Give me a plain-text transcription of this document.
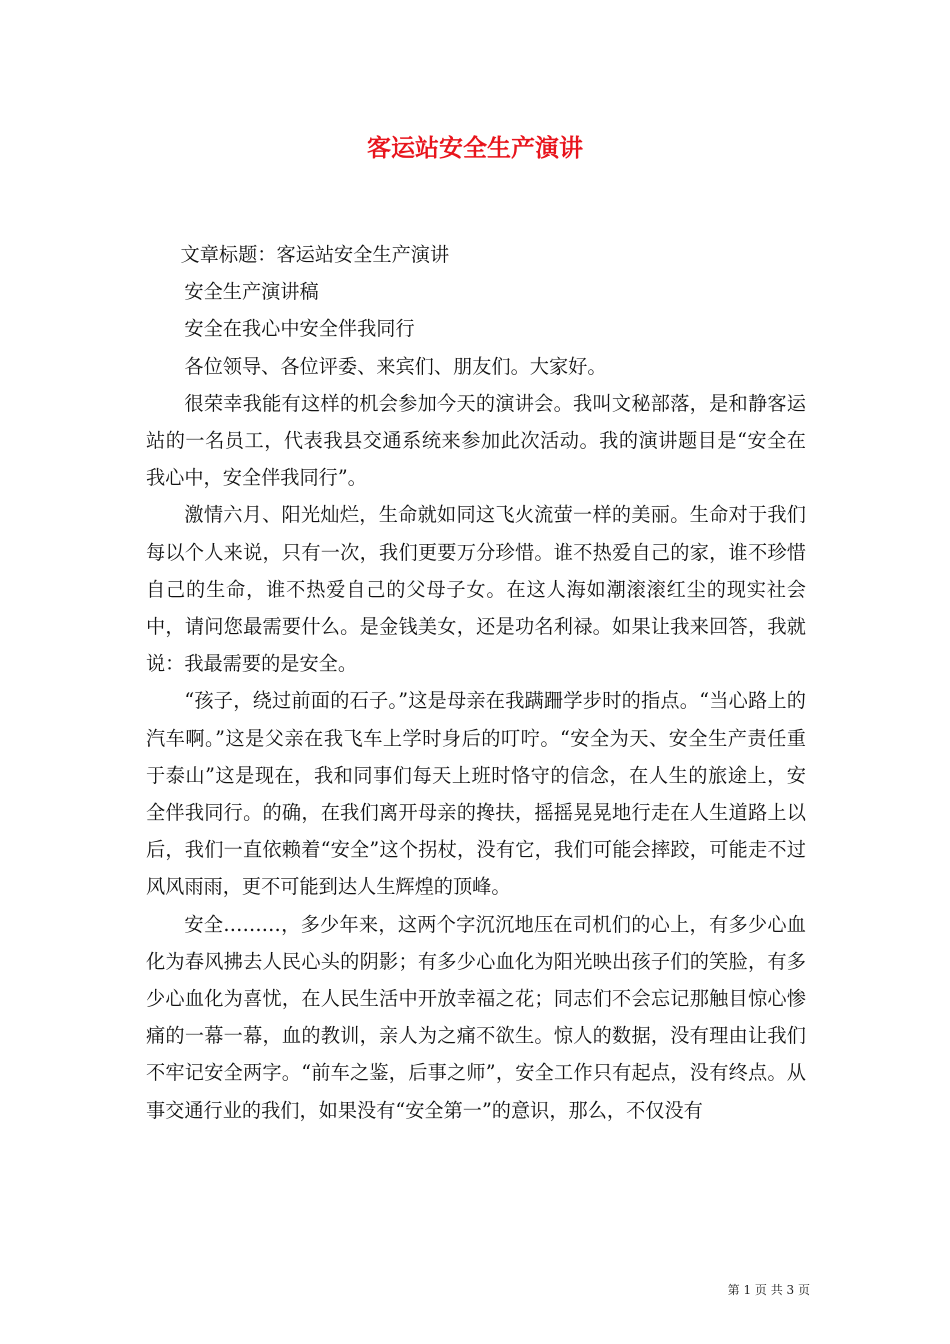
客运站安全生产演讲

文章标题：客运站安全生产演讲

安全生产演讲稿

安全在我心中安全伴我同行

各位领导、各位评委、来宾们、朋友们。大家好。

很荣幸我能有这样的机会参加今天的演讲会。我叫文秘部落，是和静客运站的一名员工，代表我县交通系统来参加此次活动。我的演讲题目是“安全在我心中，安全伴我同行”。

激情六月、阳光灿烂，生命就如同这飞火流萤一样的美丽。生命对于我们每以个人来说，只有一次，我们更要万分珍惜。谁不热爱自己的家，谁不珍惜自己的生命，谁不热爱自己的父母子女。在这人海如潮滚滚红尘的现实社会中，请问您最需要什么。是金钱美女，还是功名利禄。如果让我来回答，我就说：我最需要的是安全。

“孩子，绕过前面的石子。”这是母亲在我蹒跚学步时的指点。“当心路上的汽车啊。”这是父亲在我飞车上学时身后的叮咛。“安全为天、安全生产责任重于泰山”这是现在，我和同事们每天上班时恪守的信念，在人生的旅途上，安全伴我同行。的确，在我们离开母亲的搀扶，摇摇晃晃地行走在人生道路上以后，我们一直依赖着“安全”这个拐杖，没有它，我们可能会摔跤，可能走不过风风雨雨，更不可能到达人生辉煌的顶峰。

安全………，多少年来，这两个字沉沉地压在司机们的心上，有多少心血化为春风拂去人民心头的阴影；有多少心血化为阳光映出孩子们的笑脸，有多少心血化为喜忧，在人民生活中开放幸福之花；同志们不会忘记那触目惊心惨痛的一幕一幕，血的教训，亲人为之痛不欲生。惊人的数据，没有理由让我们不牢记安全两字。“前车之鉴，后事之师”，安全工作只有起点，没有终点。从事交通行业的我们，如果没有“安全第一”的意识，那么，不仅没有

第 1 页 共 3 页
